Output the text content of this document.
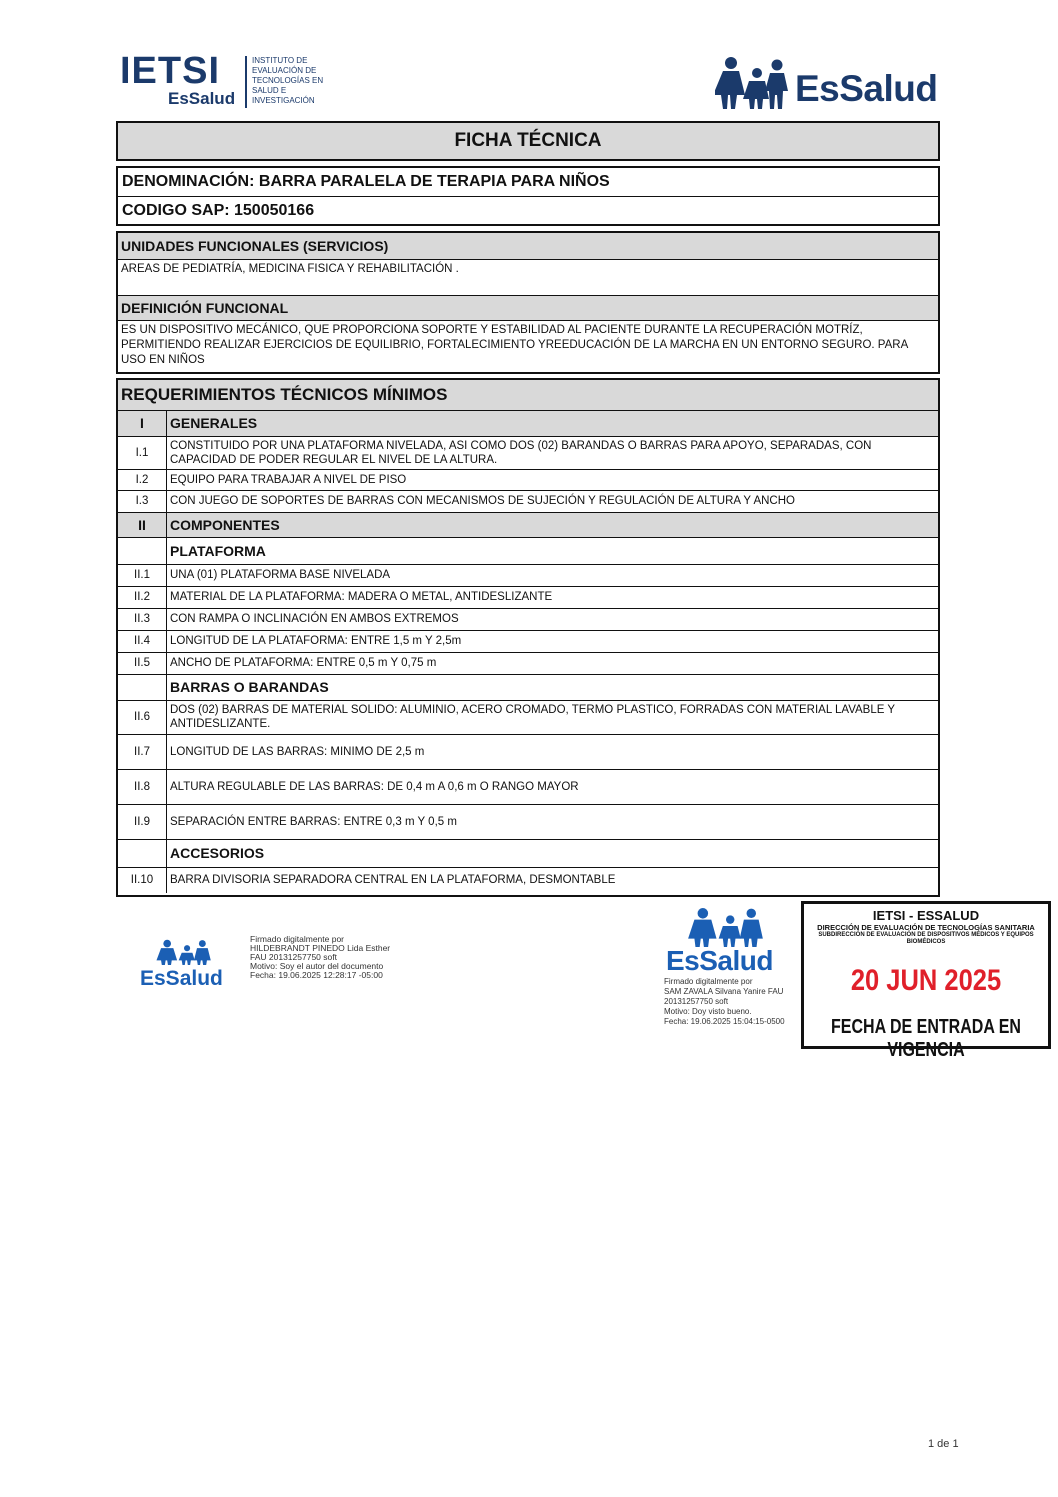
IETSI
EsSalud
INSTITUTO DE EVALUACIÓN DE TECNOLOGÍAS EN SALUD E INVESTIGACIÓN	EsSalud
FICHA TÉCNICA
DENOMINACIÓN: BARRA PARALELA DE TERAPIA PARA NIÑOS
CODIGO SAP: 150050166
UNIDADES FUNCIONALES (SERVICIOS)
AREAS DE PEDIATRÍA, MEDICINA FISICA Y REHABILITACIÓN .
DEFINICIÓN FUNCIONAL
ES UN DISPOSITIVO MECÁNICO, QUE PROPORCIONA SOPORTE Y ESTABILIDAD AL PACIENTE DURANTE LA RECUPERACIÓN MOTRÍZ, PERMITIENDO REALIZAR EJERCICIOS DE EQUILIBRIO, FORTALECIMIENTO YREEDUCACIÓN DE LA MARCHA EN UN ENTORNO SEGURO. PARA USO EN NIÑOS
REQUERIMIENTOS TÉCNICOS MÍNIMOS
I	GENERALES
I.1	CONSTITUIDO POR UNA PLATAFORMA NIVELADA, ASI COMO DOS (02) BARANDAS O BARRAS PARA APOYO, SEPARADAS, CON CAPACIDAD DE PODER REGULAR EL NIVEL DE LA ALTURA.
I.2	EQUIPO PARA TRABAJAR A NIVEL DE PISO
I.3	CON JUEGO DE SOPORTES DE BARRAS CON MECANISMOS DE SUJECIÓN Y REGULACIÓN DE ALTURA Y ANCHO
II	COMPONENTES
	PLATAFORMA
II.1	UNA (01) PLATAFORMA BASE NIVELADA
II.2	MATERIAL DE LA PLATAFORMA: MADERA O METAL, ANTIDESLIZANTE
II.3	CON RAMPA O INCLINACIÓN EN AMBOS EXTREMOS
II.4	LONGITUD DE LA PLATAFORMA: ENTRE 1,5 m Y 2,5m
II.5	ANCHO DE PLATAFORMA: ENTRE 0,5 m Y 0,75 m
	BARRAS O BARANDAS
II.6	DOS (02) BARRAS DE MATERIAL SOLIDO: ALUMINIO, ACERO CROMADO, TERMO PLASTICO, FORRADAS CON MATERIAL LAVABLE Y ANTIDESLIZANTE.
II.7	LONGITUD DE LAS BARRAS: MINIMO DE 2,5 m
II.8	ALTURA REGULABLE DE LAS BARRAS: DE 0,4 m A 0,6 m O RANGO MAYOR
II.9	SEPARACIÓN ENTRE BARRAS: ENTRE 0,3 m Y 0,5 m
	ACCESORIOS
II.10	BARRA DIVISORIA SEPARADORA CENTRAL EN LA PLATAFORMA, DESMONTABLE
EsSalud
Firmado digitalmente por
HILDEBRANDT PINEDO Lida Esther
FAU 20131257750 soft
Motivo: Soy el autor del documento
Fecha: 19.06.2025 12:28:17 -05:00	EsSalud
Firmado digitalmente por
SAM ZAVALA Silvana Yanire FAU
20131257750 soft
Motivo: Doy visto bueno.
Fecha: 19.06.2025 15:04:15-0500
IETSI - ESSALUD
DIRECCIÓN DE EVALUACIÓN DE TECNOLOGÍAS SANITARIA
SUBDIRECCIÓN DE EVALUACIÓN DE DISPOSITIVOS MÉDICOS Y EQUIPOS BIOMÉDICOS
20 JUN 2025
FECHA DE ENTRADA EN VIGENCIA
1 de 1
